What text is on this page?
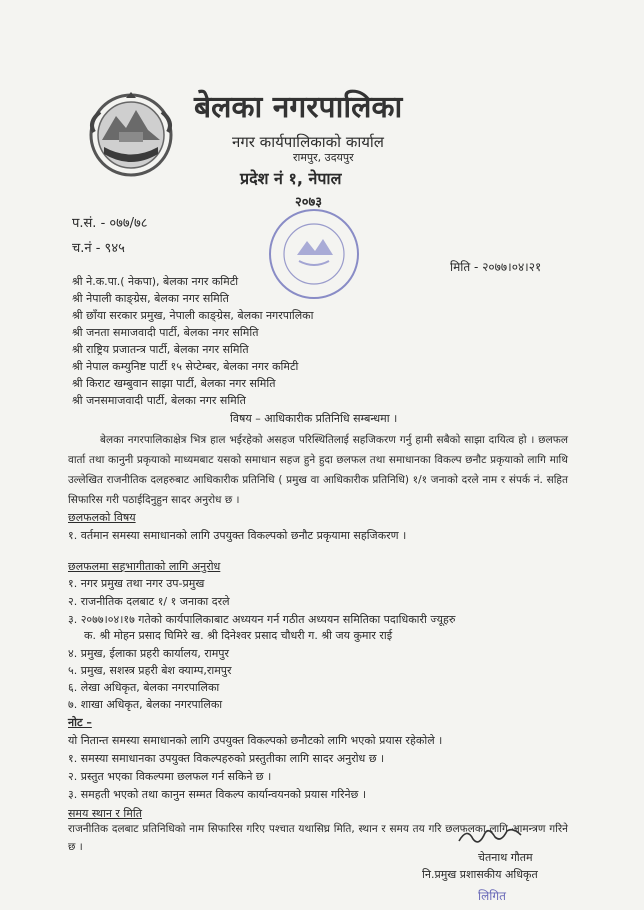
बेलका नगरपालिका
नगर कार्यपालिकाको कार्याल
रामपुर, उदयपुर
प्रदेश नं १, नेपाल
२०७३
प.सं. - ०७७/७८
च.नं - ९४५
मिति - २०७७।०४।२१
श्री ने.क.पा.( नेकपा), बेलका नगर कमिटी
श्री नेपाली काङ्ग्रेस, बेलका नगर समिति
श्री छाँया सरकार प्रमुख, नेपाली काङ्ग्रेस, बेलका नगरपालिका
श्री जनता समाजवादी पार्टी, बेलका नगर समिति
श्री राष्ट्रिय प्रजातन्त्र पार्टी, बेलका नगर समिति
श्री नेपाल कम्युनिष्ट पार्टी १५ सेप्टेम्बर, बेलका नगर कमिटी
श्री किराट खम्बुवान साझा पार्टी, बेलका नगर समिति
श्री जनसमाजवादी पार्टी, बेलका नगर समिति
विषय – आधिकारीक प्रतिनिधि सम्बन्धमा ।
बेलका नगरपालिकाक्षेत्र भित्र हाल भईरहेको असहज परिस्थितिलाई सहजिकरण गर्नु हामी सबैको साझा दायित्व हो । छलफल वार्ता तथा कानुनी प्रकृयाको माध्यमबाट यसको समाधान सहज हुने हुदा छलफल तथा समाधानका विकल्प छनौट प्रकृयाको लागि माथि उल्लेखित राजनीतिक दलहरुबाट आधिकारीक प्रतिनिधि ( प्रमुख वा आधिकारीक प्रतिनिधि) १/१ जनाको दरले नाम र संपर्क नं. सहित सिफारिस गरी पठाईदिनुहुन सादर अनुरोध छ ।
छलफलको विषय
१. वर्तमान समस्या समाधानको लागि उपयुक्त विकल्पको छनौट प्रकृयामा सहजिकरण ।
छलफलमा सहभागीताको लागि अनुरोध
१. नगर प्रमुख तथा नगर उप-प्रमुख
२. राजनीतिक दलबाट १/ १ जनाका दरले
३. २०७७।०४।१७ गतेको कार्यपालिकाबाट अध्ययन गर्न गठीत अध्ययन समितिका पदाधिकारी ज्यूहरु
क. श्री मोहन प्रसाद घिमिरे ख. श्री दिनेश्वर प्रसाद चौधरी ग. श्री जय कुमार राई
४. प्रमुख, ईलाका प्रहरी कार्यालय, रामपुर
५. प्रमुख, सशस्त्र प्रहरी बेश क्याम्प,रामपुर
६. लेखा अधिकृत, बेलका नगरपालिका
७. शाखा अधिकृत, बेलका नगरपालिका
नोट –
यो नितान्त समस्या समाधानको लागि उपयुक्त विकल्पको छनौटको लागि भएको प्रयास रहेकोले ।
१. समस्या समाधानका उपयुक्त विकल्पहरुको प्रस्तुतीका लागि सादर अनुरोध छ ।
२. प्रस्तुत भएका विकल्पमा छलफल गर्न सकिने छ ।
३. समहती भएको तथा कानुन सम्मत विकल्प कार्यान्वयनको प्रयास गरिनेछ ।
समय स्थान र मिति
राजनीतिक दलबाट प्रतिनिधिको नाम सिफारिस गरिए पश्चात यथासिघ्र मिति, स्थान र समय तय गरि छलफलका लागि आमन्त्रण गरिने छ ।
चेतनाथ गौतम
नि.प्रमुख प्रशासकीय अधिकृत
लिगित
